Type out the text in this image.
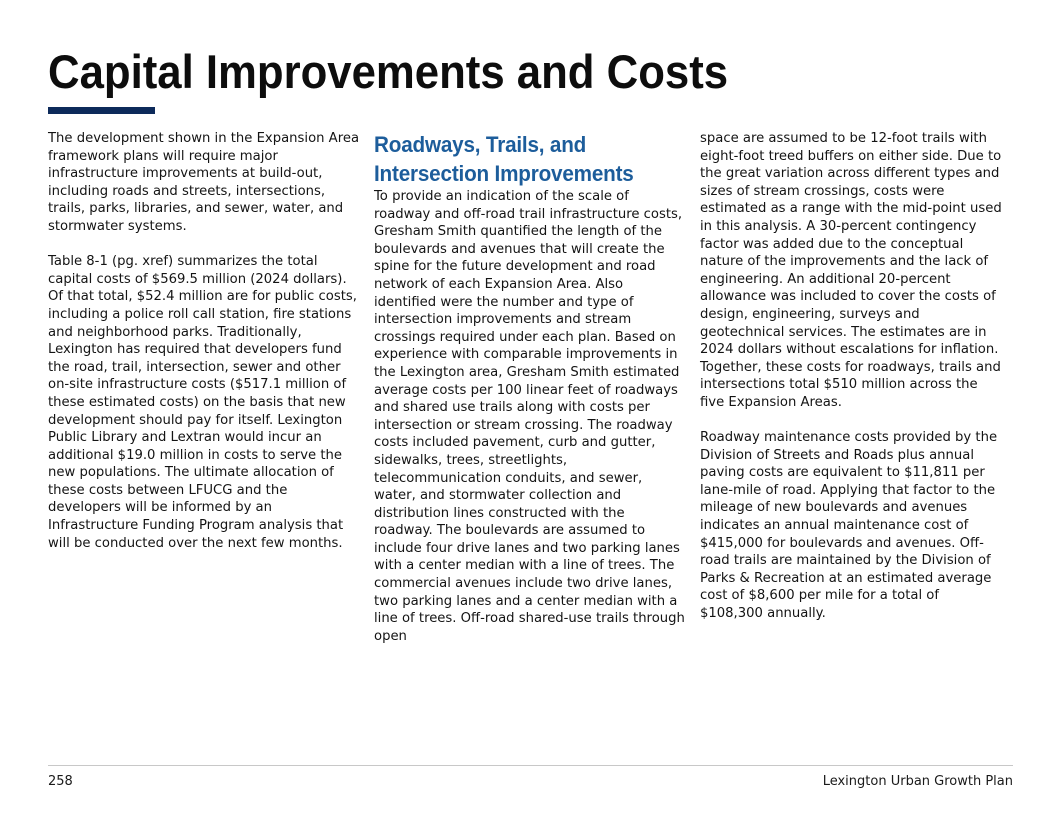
Capital Improvements and Costs

The development shown in the Expansion Area framework plans will require major infrastructure improvements at build-out, including roads and streets, intersections, trails, parks, libraries, and sewer, water, and stormwater systems.

Table 8-1 (pg. xref) summarizes the total capital costs of $569.5 million (2024 dollars). Of that total, $52.4 million are for public costs, including a police roll call station, fire stations and neighborhood parks. Traditionally, Lexington has required that developers fund the road, trail, intersection, sewer and other on-site infrastructure costs ($517.1 million of these estimated costs) on the basis that new development should pay for itself. Lexington Public Library and Lextran would incur an additional $19.0 million in costs to serve the new populations. The ultimate allocation of these costs between LFUCG and the developers will be informed by an Infrastructure Funding Program analysis that will be conducted over the next few months.

Roadways, Trails, and
Intersection Improvements

To provide an indication of the scale of roadway and off-road trail infrastructure costs, Gresham Smith quantified the length of the boulevards and avenues that will create the spine for the future development and road network of each Expansion Area. Also identified were the number and type of intersection improvements and stream crossings required under each plan. Based on experience with comparable improvements in the Lexington area, Gresham Smith estimated average costs per 100 linear feet of roadways and shared use trails along with costs per intersection or stream crossing. The roadway costs included pavement, curb and gutter, sidewalks, trees, streetlights, telecommunication conduits, and sewer, water, and stormwater collection and distribution lines constructed with the roadway. The boulevards are assumed to include four drive lanes and two parking lanes with a center median with a line of trees. The commercial avenues include two drive lanes, two parking lanes and a center median with a line of trees. Off-road shared-use trails through open

space are assumed to be 12-foot trails with eight-foot treed buffers on either side. Due to the great variation across different types and sizes of stream crossings, costs were estimated as a range with the mid-point used in this analysis. A 30-percent contingency factor was added due to the conceptual nature of the improvements and the lack of engineering. An additional 20-percent allowance was included to cover the costs of design, engineering, surveys and geotechnical services. The estimates are in 2024 dollars without escalations for inflation. Together, these costs for roadways, trails and intersections total $510 million across the five Expansion Areas.

Roadway maintenance costs provided by the Division of Streets and Roads plus annual paving costs are equivalent to $11,811 per lane-mile of road. Applying that factor to the mileage of new boulevards and avenues indicates an annual maintenance cost of $415,000 for boulevards and avenues. Off-road trails are maintained by the Division of Parks & Recreation at an estimated average cost of $8,600 per mile for a total of $108,300 annually.

258	Lexington Urban Growth Plan
